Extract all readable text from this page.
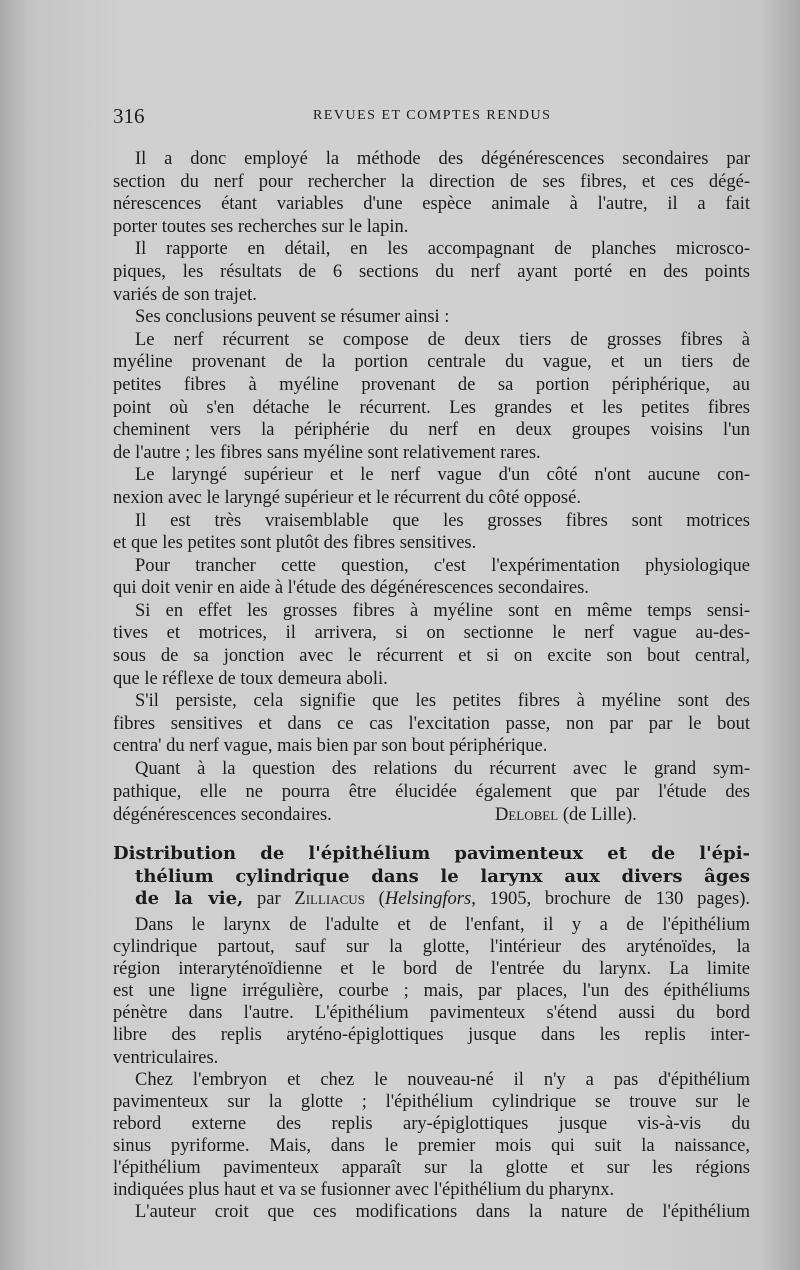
316	REVUES ET COMPTES RENDUS
Il a donc employé la méthode des dégénérescences secondaires par
section du nerf pour rechercher la direction de ses fibres, et ces dégé-
nérescences étant variables d'une espèce animale à l'autre, il a fait
porter toutes ses recherches sur le lapin.
Il rapporte en détail, en les accompagnant de planches microsco-
piques, les résultats de 6 sections du nerf ayant porté en des points
variés de son trajet.
Ses conclusions peuvent se résumer ainsi :
Le nerf récurrent se compose de deux tiers de grosses fibres à
myéline provenant de la portion centrale du vague, et un tiers de
petites fibres à myéline provenant de sa portion périphérique, au
point où s'en détache le récurrent. Les grandes et les petites fibres
cheminent vers la périphérie du nerf en deux groupes voisins l'un
de l'autre ; les fibres sans myéline sont relativement rares.
Le laryngé supérieur et le nerf vague d'un côté n'ont aucune con-
nexion avec le laryngé supérieur et le récurrent du côté opposé.
Il est très vraisemblable que les grosses fibres sont motrices
et que les petites sont plutôt des fibres sensitives.
Pour trancher cette question, c'est l'expérimentation physiologique
qui doit venir en aide à l'étude des dégénérescences secondaires.
Si en effet les grosses fibres à myéline sont en même temps sensi-
tives et motrices, il arrivera, si on sectionne le nerf vague au-des-
sous de sa jonction avec le récurrent et si on excite son bout central,
que le réflexe de toux demeura aboli.
S'il persiste, cela signifie que les petites fibres à myéline sont des
fibres sensitives et dans ce cas l'excitation passe, non par par le bout
centra' du nerf vague, mais bien par son bout périphérique.
Quant à la question des relations du récurrent avec le grand sym-
pathique, elle ne pourra être élucidée également que par l'étude des
dégénérescences secondaires.	Delobel (de Lille).
Distribution de l'épithélium pavimenteux et de l'épi-
thélium cylindrique dans le larynx aux divers âges
de la vie, par Zilliacus (Helsingfors, 1905, brochure de 130 pages).
Dans le larynx de l'adulte et de l'enfant, il y a de l'épithélium
cylindrique partout, sauf sur la glotte, l'intérieur des aryténoïdes, la
région interaryténoïdienne et le bord de l'entrée du larynx. La limite
est une ligne irrégulière, courbe ; mais, par places, l'un des épithéliums
pénètre dans l'autre. L'épithélium pavimenteux s'étend aussi du bord
libre des replis aryténo-épiglottiques jusque dans les replis inter-
ventriculaires.
Chez l'embryon et chez le nouveau-né il n'y a pas d'épithélium
pavimenteux sur la glotte ; l'épithélium cylindrique se trouve sur le
rebord externe des replis ary-épiglottiques jusque vis-à-vis du
sinus pyriforme. Mais, dans le premier mois qui suit la naissance,
l'épithélium pavimenteux apparaît sur la glotte et sur les régions
indiquées plus haut et va se fusionner avec l'épithélium du pharynx.
L'auteur croit que ces modifications dans la nature de l'épithélium
